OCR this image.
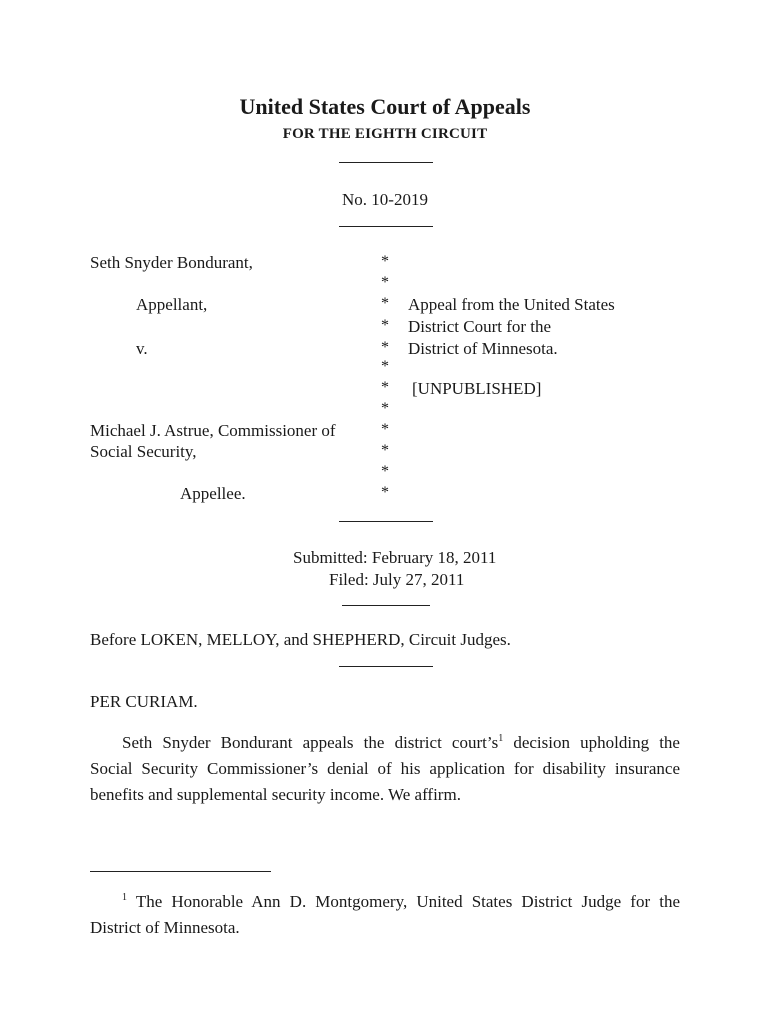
United States Court of Appeals
FOR THE EIGHTH CIRCUIT
No. 10-2019
Seth Snyder Bondurant,
Appellant,
v.
Michael J. Astrue, Commissioner of
Social Security,
Appellee.
*
*
*
*
*
*
*
*
*
*
*
*
Appeal from the United States
District Court for the
District of Minnesota.
[UNPUBLISHED]
Submitted: February 18, 2011
Filed: July 27, 2011
Before LOKEN, MELLOY, and SHEPHERD, Circuit Judges.
PER CURIAM.
Seth Snyder Bondurant appeals the district $court’s^1$ decision upholding the
Social Security Commissioner’s denial of his application for disability insurance
benefits and supplemental security income. We affirm.
$^1$ The Honorable Ann D. Montgomery, United States District Judge for the
District of Minnesota.
